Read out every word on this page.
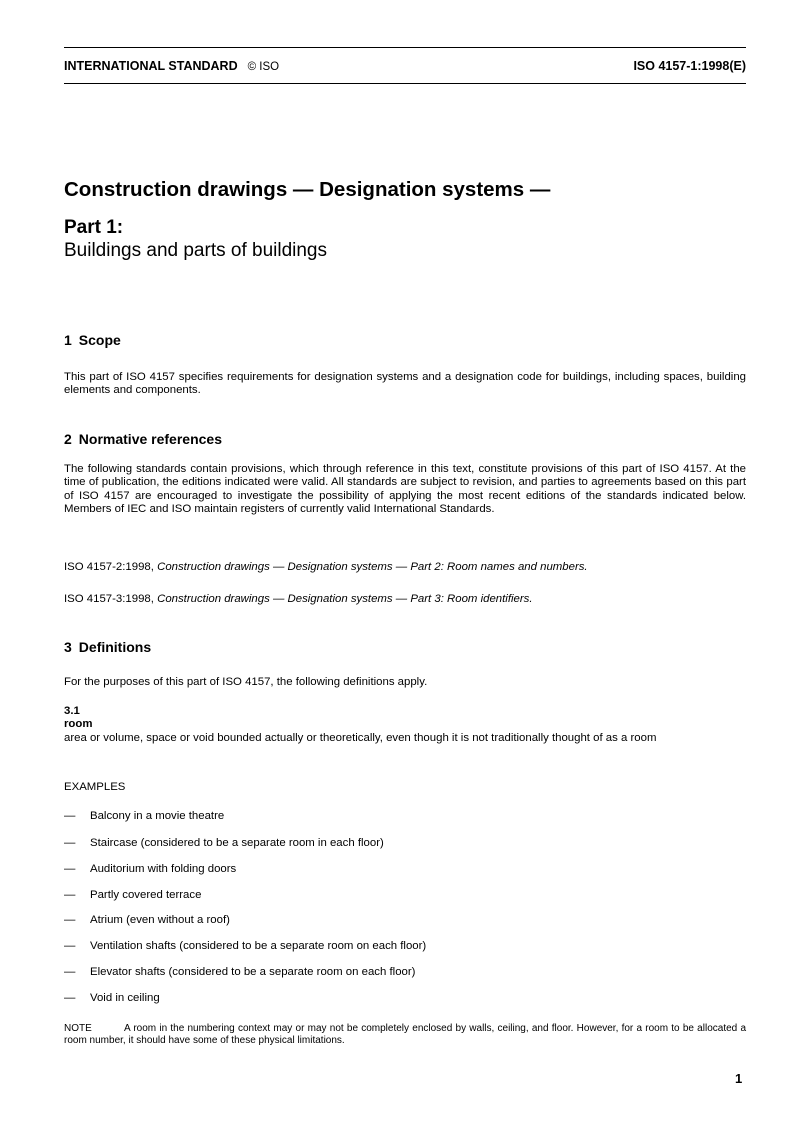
INTERNATIONAL STANDARD © ISO	ISO 4157-1:1998(E)
Construction drawings — Designation systems —
Part 1:
Buildings and parts of buildings
1 Scope
This part of ISO 4157 specifies requirements for designation systems and a designation code for buildings, including spaces, building elements and components.
2 Normative references
The following standards contain provisions, which through reference in this text, constitute provisions of this part of ISO 4157. At the time of publication, the editions indicated were valid. All standards are subject to revision, and parties to agreements based on this part of ISO 4157 are encouraged to investigate the possibility of applying the most recent editions of the standards indicated below. Members of IEC and ISO maintain registers of currently valid International Standards.
ISO 4157-2:1998, Construction drawings — Designation systems — Part 2: Room names and numbers.
ISO 4157-3:1998, Construction drawings — Designation systems — Part 3: Room identifiers.
3 Definitions
For the purposes of this part of ISO 4157, the following definitions apply.
3.1
room
area or volume, space or void bounded actually or theoretically, even though it is not traditionally thought of as a room
EXAMPLES
— Balcony in a movie theatre
— Staircase (considered to be a separate room in each floor)
— Auditorium with folding doors
— Partly covered terrace
— Atrium (even without a roof)
— Ventilation shafts (considered to be a separate room on each floor)
— Elevator shafts (considered to be a separate room on each floor)
— Void in ceiling
NOTE	A room in the numbering context may or may not be completely enclosed by walls, ceiling, and floor. However, for a room to be allocated a room number, it should have some of these physical limitations.
1
